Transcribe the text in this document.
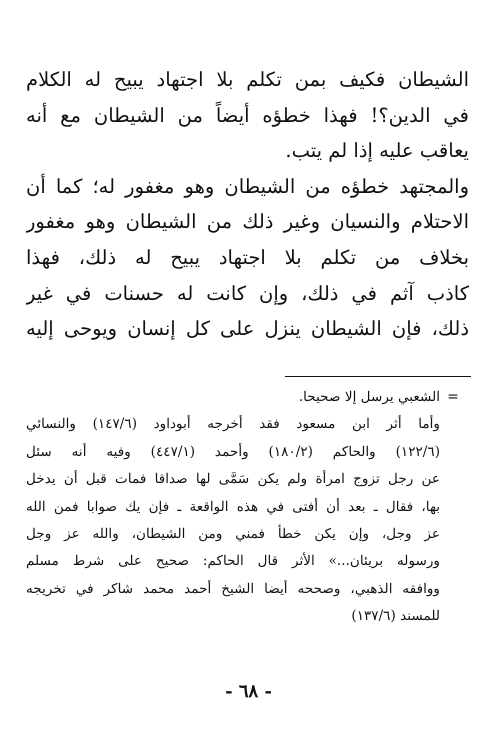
الشيطان فكيف بمن تكلم بلا اجتهاد يبيح له الكلام
في الدين؟! فهذا خطؤه أيضاً من الشيطان مع أنه
يعاقب عليه إذا لم يتب.
والمجتهد خطؤه من الشيطان وهو مغفور له؛ كما أن
الاحتلام والنسيان وغير ذلك من الشيطان وهو مغفور
بخلاف من تكلم بلا اجتهاد يبيح له ذلك، فهذا
كاذب آثم في ذلك، وإن كانت له حسنات في غير
ذلك، فإن الشيطان ينزل على كل إنسان ويوحى إليه
=
الشعبي يرسل إلا صحيحا.
وأما أثر ابن مسعود فقد أخرجه أبوداود (١٤٧/٦) والنسائي
(١٢٢/٦) والحاكم (١٨٠/٢) وأحمد (٤٤٧/١) وفيه أنه سئل
عن رجل تزوج امرأة ولم يكن سَمَّى لها صداقا فمات قبل أن يدخل
بها، فقال ـ بعد أن أفتى في هذه الواقعة ـ فإن يك صوابا فمن الله
عز وجل، وإن يكن خطأ فمني ومن الشيطان، والله عز وجل
ورسوله بريئان...» الأثر قال الحاكم: صحيح على شرط مسلم
ووافقه الذهبي، وصححه أيضا الشيخ أحمد محمد شاكر في تخريجه
للمسند (١٣٧/٦)
- ٦٨ -
